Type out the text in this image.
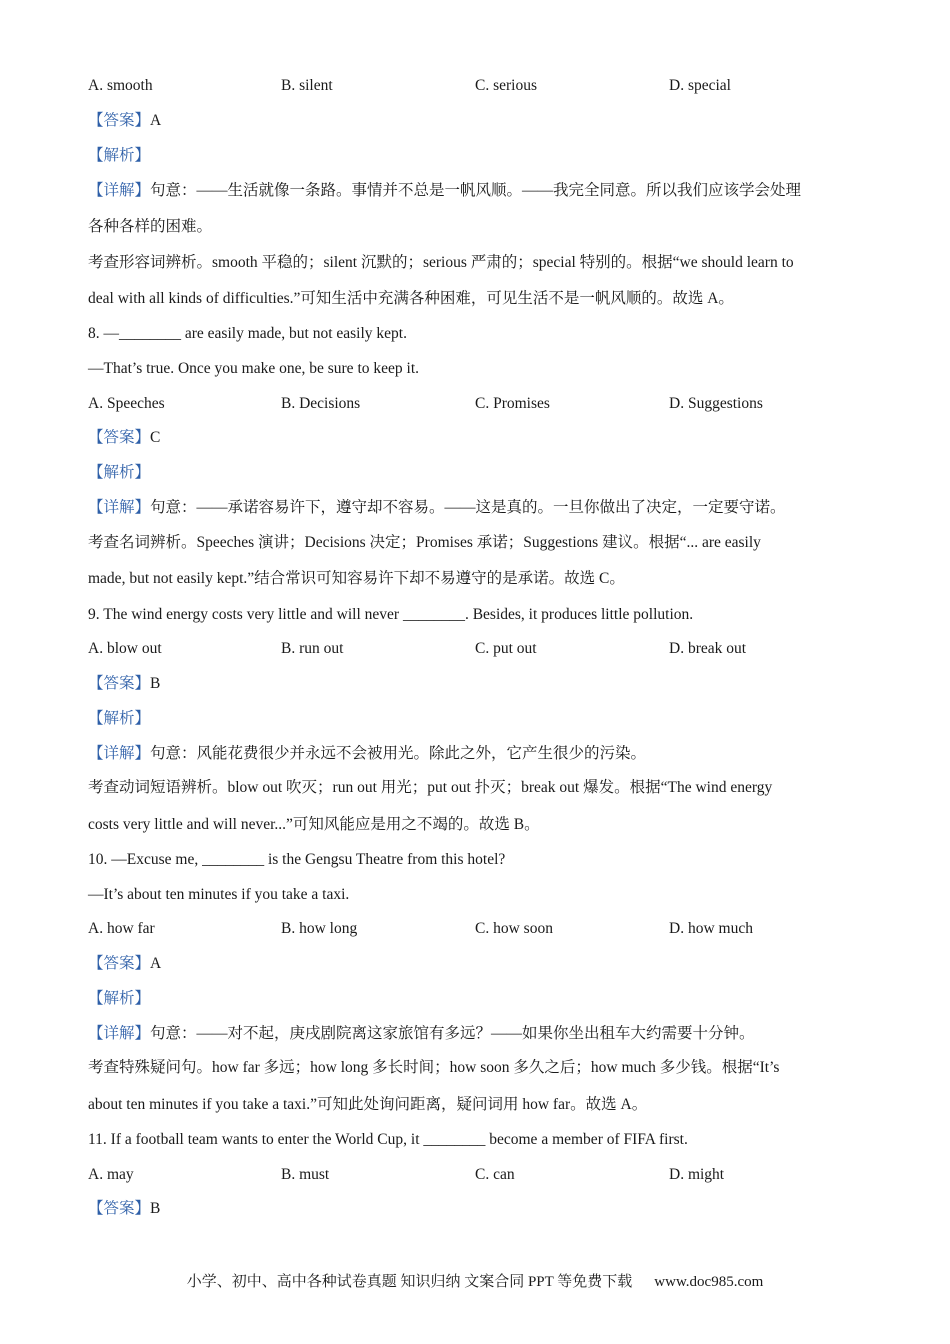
A. smooth	B. silent	C. serious	D. special
【答案】A
【解析】
【详解】句意：——生活就像一条路。事情并不总是一帆风顺。——我完全同意。所以我们应该学会处理
各种各样的困难。
考查形容词辨析。smooth 平稳的；silent 沉默的；serious 严肃的；special 特别的。根据“we should learn to
deal with all kinds of difficulties.”可知生活中充满各种困难，可见生活不是一帆风顺的。故选 A。
8. —________ are easily made, but not easily kept.
—That’s true. Once you make one, be sure to keep it.
A. Speeches	B. Decisions	C. Promises	D. Suggestions
【答案】C
【解析】
【详解】句意：——承诺容易许下，遵守却不容易。——这是真的。一旦你做出了决定，一定要守诺。
考查名词辨析。Speeches 演讲；Decisions 决定；Promises 承诺；Suggestions 建议。根据“... are easily
made, but not easily kept.”结合常识可知容易许下却不易遵守的是承诺。故选 C。
9. The wind energy costs very little and will never ________. Besides, it produces little pollution.
A. blow out	B. run out	C. put out	D. break out
【答案】B
【解析】
【详解】句意：风能花费很少并永远不会被用光。除此之外，它产生很少的污染。
考查动词短语辨析。blow out 吹灭；run out 用光；put out 扑灭；break out 爆发。根据“The wind energy
costs very little and will never...”可知风能应是用之不竭的。故选 B。
10. —Excuse me, ________ is the Gengsu Theatre from this hotel?
—It’s about ten minutes if you take a taxi.
A. how far	B. how long	C. how soon	D. how much
【答案】A
【解析】
【详解】句意：——对不起，庚戌剧院离这家旅馆有多远？——如果你坐出租车大约需要十分钟。
考查特殊疑问句。how far 多远；how long 多长时间；how soon 多久之后；how much 多少钱。根据“It’s
about ten minutes if you take a taxi.”可知此处询问距离，疑问词用 how far。故选 A。
11. If a football team wants to enter the World Cup, it ________ become a member of FIFA first.
A. may	B. must	C. can	D. might
【答案】B
小学、初中、高中各种试卷真题 知识归纳 文案合同 PPT 等免费下载 www.doc985.com
